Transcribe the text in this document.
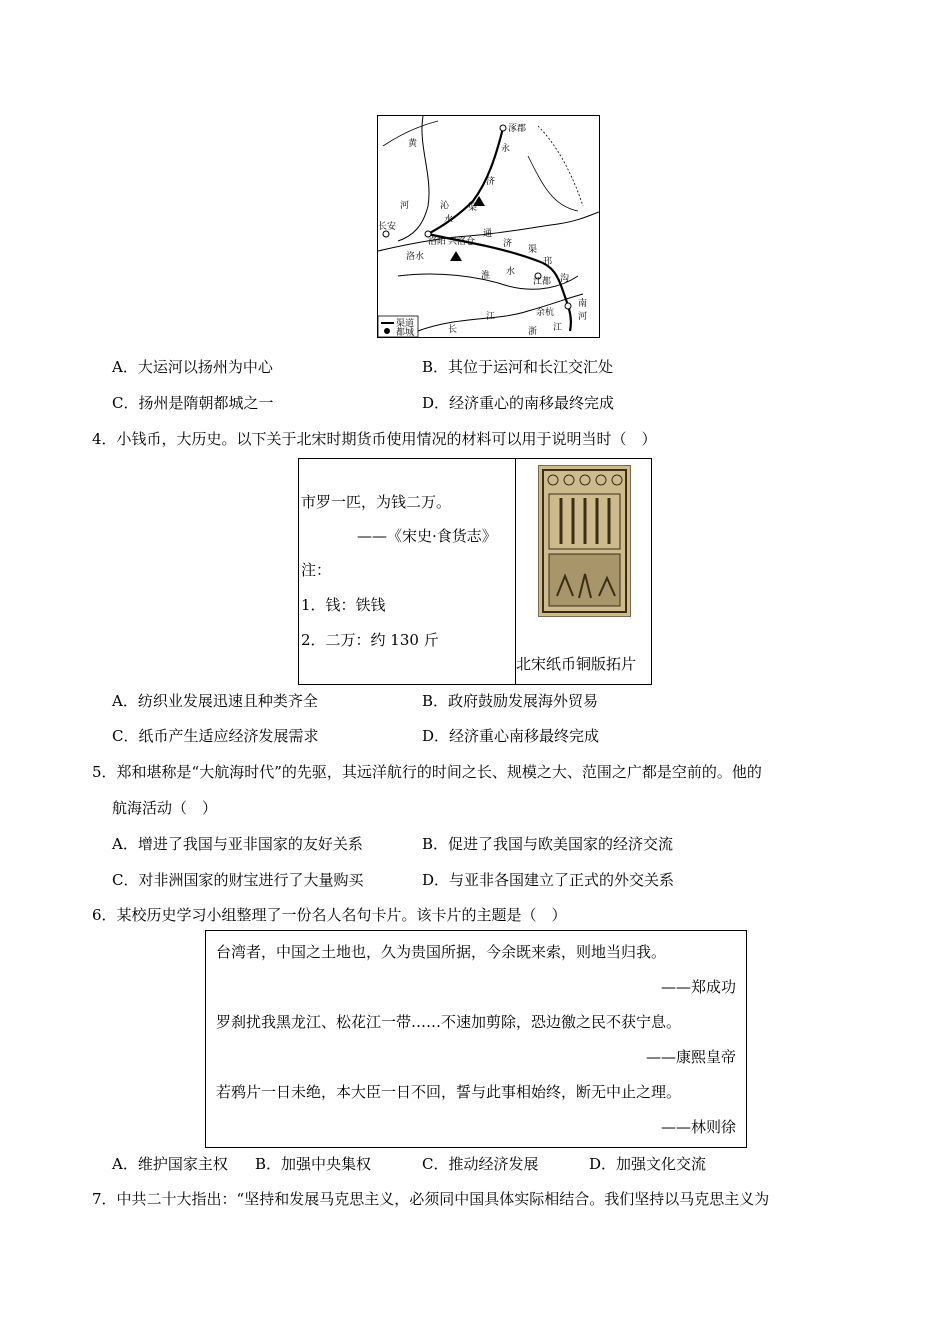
涿郡
黄	永
济
河	沁
水
渠
长安
洛阳 兴洛仓
通
济
渠
洛水	邗
淮 水
江都 沟
余杭
长
江
浙 江
渠道
都城
南
河
A．大运河以扬州为中心	B．其位于运河和长江交汇处
C．扬州是隋朝都城之一	D．经济重心的南移最终完成
4．小钱币，大历史。以下关于北宋时期货币使用情况的材料可以用于说明当时（　）
市罗一匹，为钱二万。
——《宋史·食货志》
注：
1．钱：铁钱
2．二万：约 130 斤

北宋纸币铜版拓片
A．纺织业发展迅速且种类齐全	B．政府鼓励发展海外贸易
C．纸币产生适应经济发展需求	D．经济重心南移最终完成
5．郑和堪称是“大航海时代”的先驱，其远洋航行的时间之长、规模之大、范围之广都是空前的。他的
航海活动（　）
A．增进了我国与亚非国家的友好关系	B．促进了我国与欧美国家的经济交流
C．对非洲国家的财宝进行了大量购买	D．与亚非各国建立了正式的外交关系
6．某校历史学习小组整理了一份名人名句卡片。该卡片的主题是（　）
台湾者，中国之土地也，久为贵国所据，今余既来索，则地当归我。
——郑成功
罗刹扰我黑龙江、松花江一带……不速加剪除，恐边徼之民不获宁息。
——康熙皇帝
若鸦片一日未绝，本大臣一日不回，誓与此事相始终，断无中止之理。
——林则徐
A．维护国家主权 B．加强中央集权	C．推动经济发展	D．加强文化交流
7．中共二十大指出：“坚持和发展马克思主义，必须同中国具体实际相结合。我们坚持以马克思主义为
